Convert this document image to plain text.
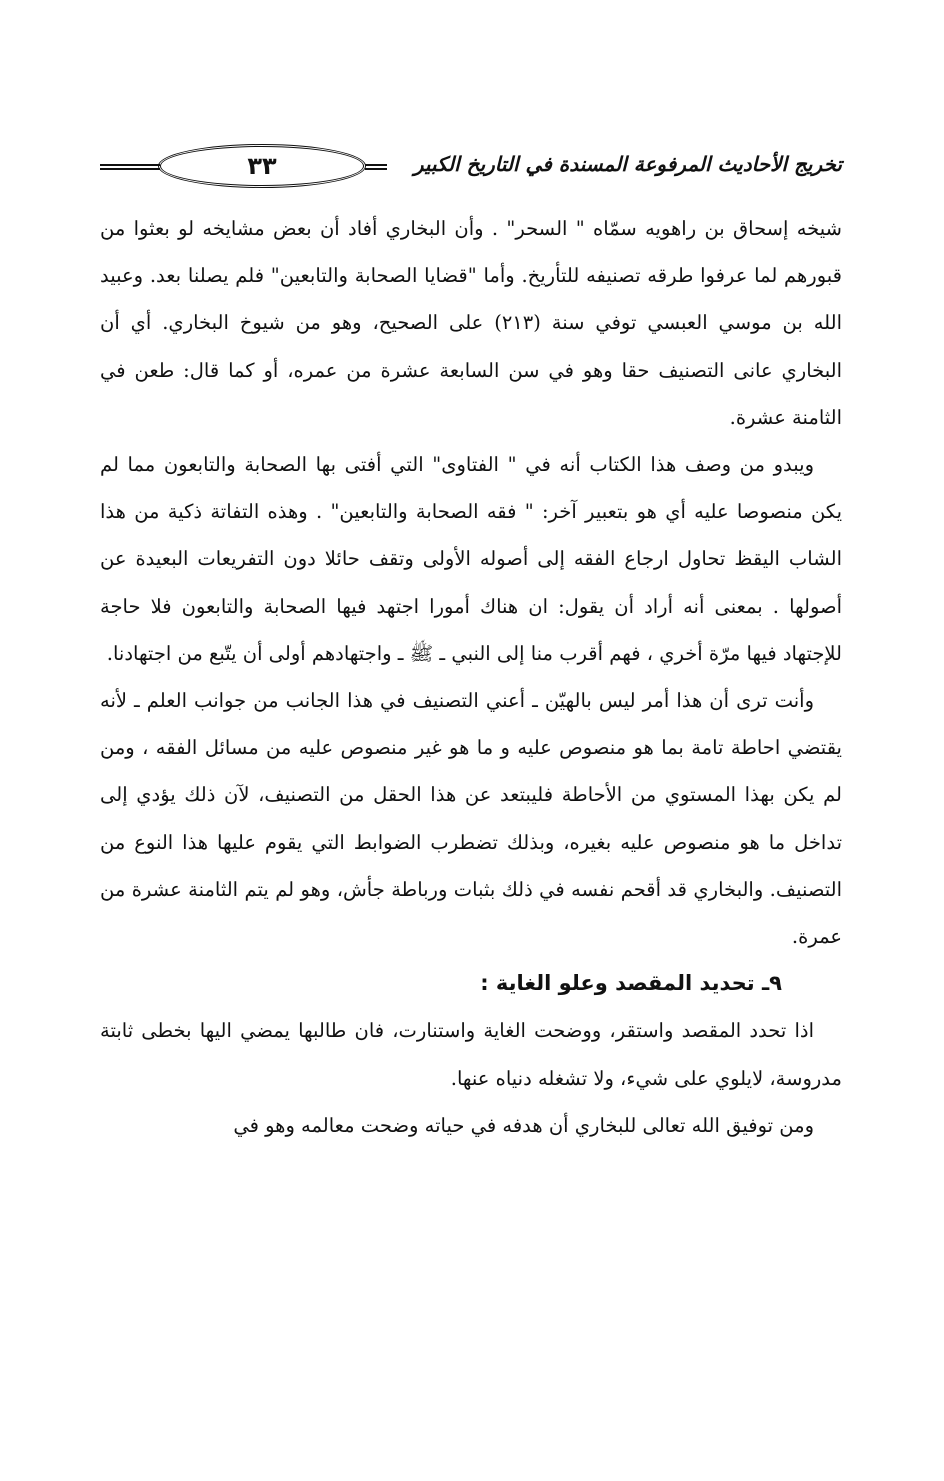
تخريج الأحاديث المرفوعة المسندة في التاريخ الكبير
٣٣

شيخه إسحاق بن راهويه سمّاه " السحر" . وأن البخاري أفاد أن بعض مشايخه لو بعثوا من قبورهم لما عرفوا طرقه تصنيفه للتأريخ. وأما "قضايا الصحابة والتابعين" فلم يصلنا بعد. وعبيد الله بن موسي العبسي توفي سنة (٢١٣) على الصحيح، وهو من شيوخ البخاري. أي أن البخاري عانى التصنيف حقا وهو في سن السابعة عشرة من عمره، أو كما قال: طعن في الثامنة عشرة.

ويبدو من وصف هذا الكتاب أنه في " الفتاوى" التي أفتى بها الصحابة والتابعون مما لم يكن منصوصا عليه أي هو بتعبير آخر: " فقه الصحابة والتابعين" . وهذه التفاتة ذكية من هذا الشاب اليقظ تحاول ارجاع الفقه إلى أصوله الأولى وتقف حائلا دون التفريعات البعيدة عن أصولها . بمعنى أنه أراد أن يقول: ان هناك أمورا اجتهد فيها الصحابة والتابعون فلا حاجة للإجتهاد فيها مرّة أخري ، فهم أقرب منا إلى النبي ـ ﷺ ـ واجتهادهم أولى أن يتّبع من اجتهادنا.

وأنت ترى أن هذا أمر ليس بالهيّن ـ أعني التصنيف في هذا الجانب من جوانب العلم ـ لأنه يقتضي احاطة تامة بما هو منصوص عليه و ما هو غير منصوص عليه من مسائل الفقه ، ومن لم يكن بهذا المستوي من الأحاطة فليبتعد عن هذا الحقل من التصنيف، لآن ذلك يؤدي إلى تداخل ما هو منصوص عليه بغيره، وبذلك تضطرب الضوابط التي يقوم عليها هذا النوع من التصنيف. والبخاري قد أقحم نفسه في ذلك بثبات ورباطة جأش، وهو لم يتم الثامنة عشرة من عمرة.

٩ـ تحديد المقصد وعلو الغاية :

اذا تحدد المقصد واستقر، ووضحت الغاية واستنارت، فان طالبها يمضي اليها بخطى ثابتة مدروسة، لايلوي على شيء، ولا تشغله دنياه عنها.

ومن توفيق الله تعالى للبخاري أن هدفه في حياته وضحت معالمه وهو في
